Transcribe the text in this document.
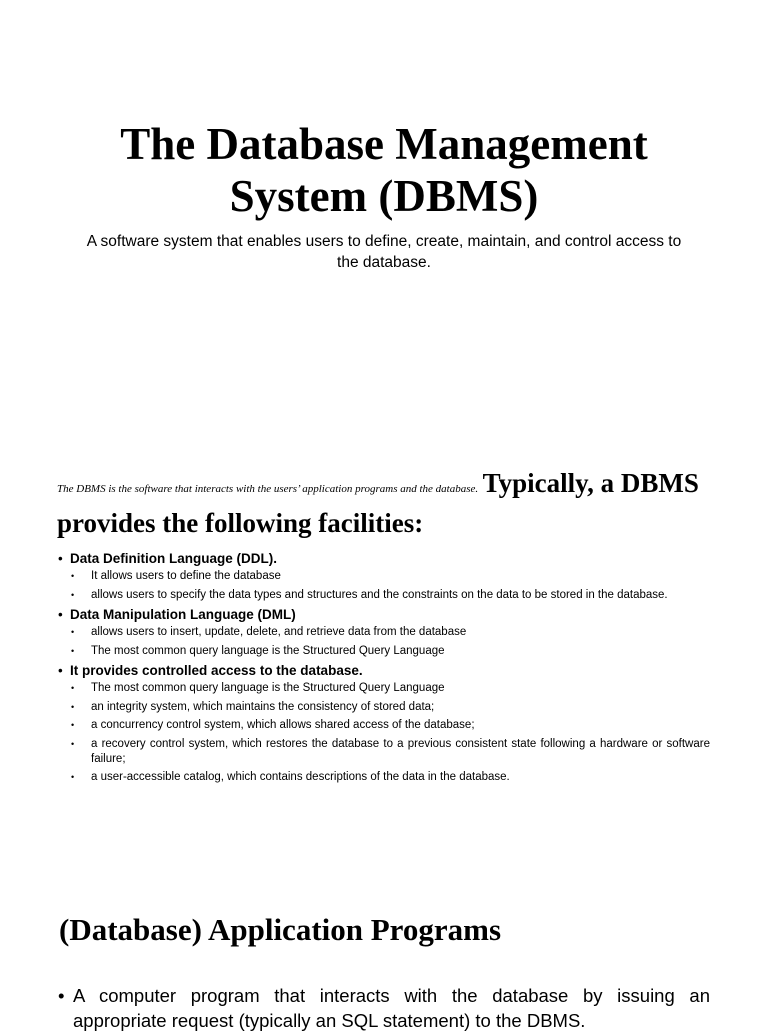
The Database Management
System (DBMS)

A software system that enables users to define, create, maintain, and control access to the database.

The DBMS is the software that interacts with the users’ application programs and the database. Typically, a DBMS provides the following facilities:

• Data Definition Language (DDL).
• It allows users to define the database
• allows users to specify the data types and structures and the constraints on the data to be stored in the database.
• Data Manipulation Language (DML)
• allows users to insert, update, delete, and retrieve data from the database
• The most common query language is the Structured Query Language
• It provides controlled access to the database.
• The most common query language is the Structured Query Language
• an integrity system, which maintains the consistency of stored data;
• a concurrency control system, which allows shared access of the database;
• a recovery control system, which restores the database to a previous consistent state following a hardware or software failure;
• a user-accessible catalog, which contains descriptions of the data in the database.
(Database) Application Programs
• A computer program that interacts with the database by issuing an appropriate request (typically an SQL statement) to the DBMS.
